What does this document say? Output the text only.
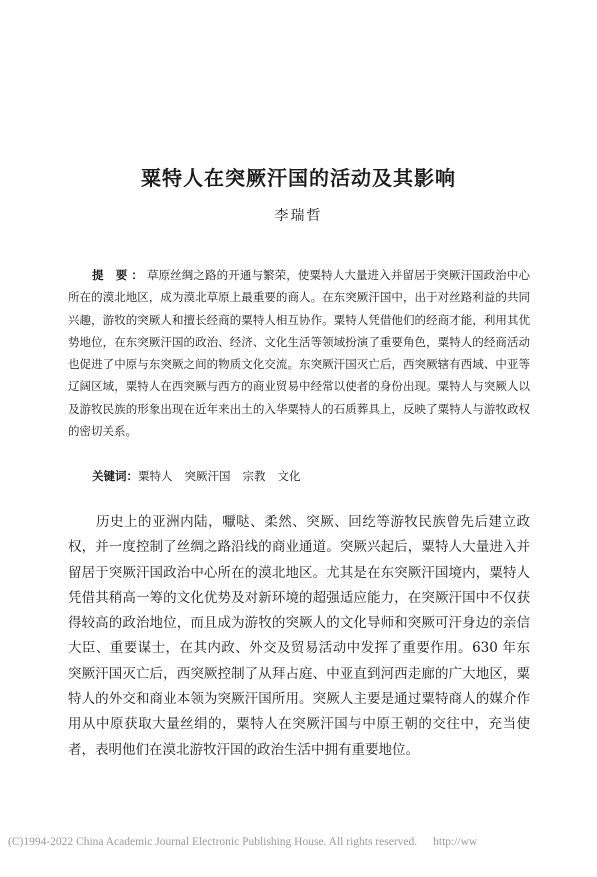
粟特人在突厥汗国的活动及其影响
李瑞哲

提 要：草原丝绸之路的开通与繁荣，使粟特人大量进入并留居于突厥汗国政治中心所在的漠北地区，成为漠北草原上最重要的商人。在东突厥汗国中，出于对丝路利益的共同兴趣，游牧的突厥人和擅长经商的粟特人相互协作。粟特人凭借他们的经商才能，利用其优势地位，在东突厥汗国的政治、经济、文化生活等领域扮演了重要角色，粟特人的经商活动也促进了中原与东突厥之间的物质文化交流。东突厥汗国灭亡后，西突厥辖有西域、中亚等辽阔区域，粟特人在西突厥与西方的商业贸易中经常以使者的身份出现。粟特人与突厥人以及游牧民族的形象出现在近年来出土的入华粟特人的石质葬具上，反映了粟特人与游牧政权的密切关系。

关键词：粟特人 突厥汗国 宗教 文化

历史上的亚洲内陆，嚈哒、柔然、突厥、回纥等游牧民族曾先后建立政权，并一度控制了丝绸之路沿线的商业通道。突厥兴起后，粟特人大量进入并留居于突厥汗国政治中心所在的漠北地区。尤其是在东突厥汗国境内，粟特人凭借其稍高一筹的文化优势及对新环境的超强适应能力，在突厥汗国中不仅获得较高的政治地位，而且成为游牧的突厥人的文化导师和突厥可汗身边的亲信大臣、重要谋士，在其内政、外交及贸易活动中发挥了重要作用。630 年东突厥汗国灭亡后，西突厥控制了从拜占庭、中亚直到河西走廊的广大地区，粟特人的外交和商业本领为突厥汗国所用。突厥人主要是通过粟特商人的媒介作用从中原获取大量丝绢的，粟特人在突厥汗国与中原王朝的交往中，充当使者，表明他们在漠北游牧汗国的政治生活中拥有重要地位。

(C)1994-2022 China Academic Journal Electronic Publishing House. All rights reserved. http://ww
